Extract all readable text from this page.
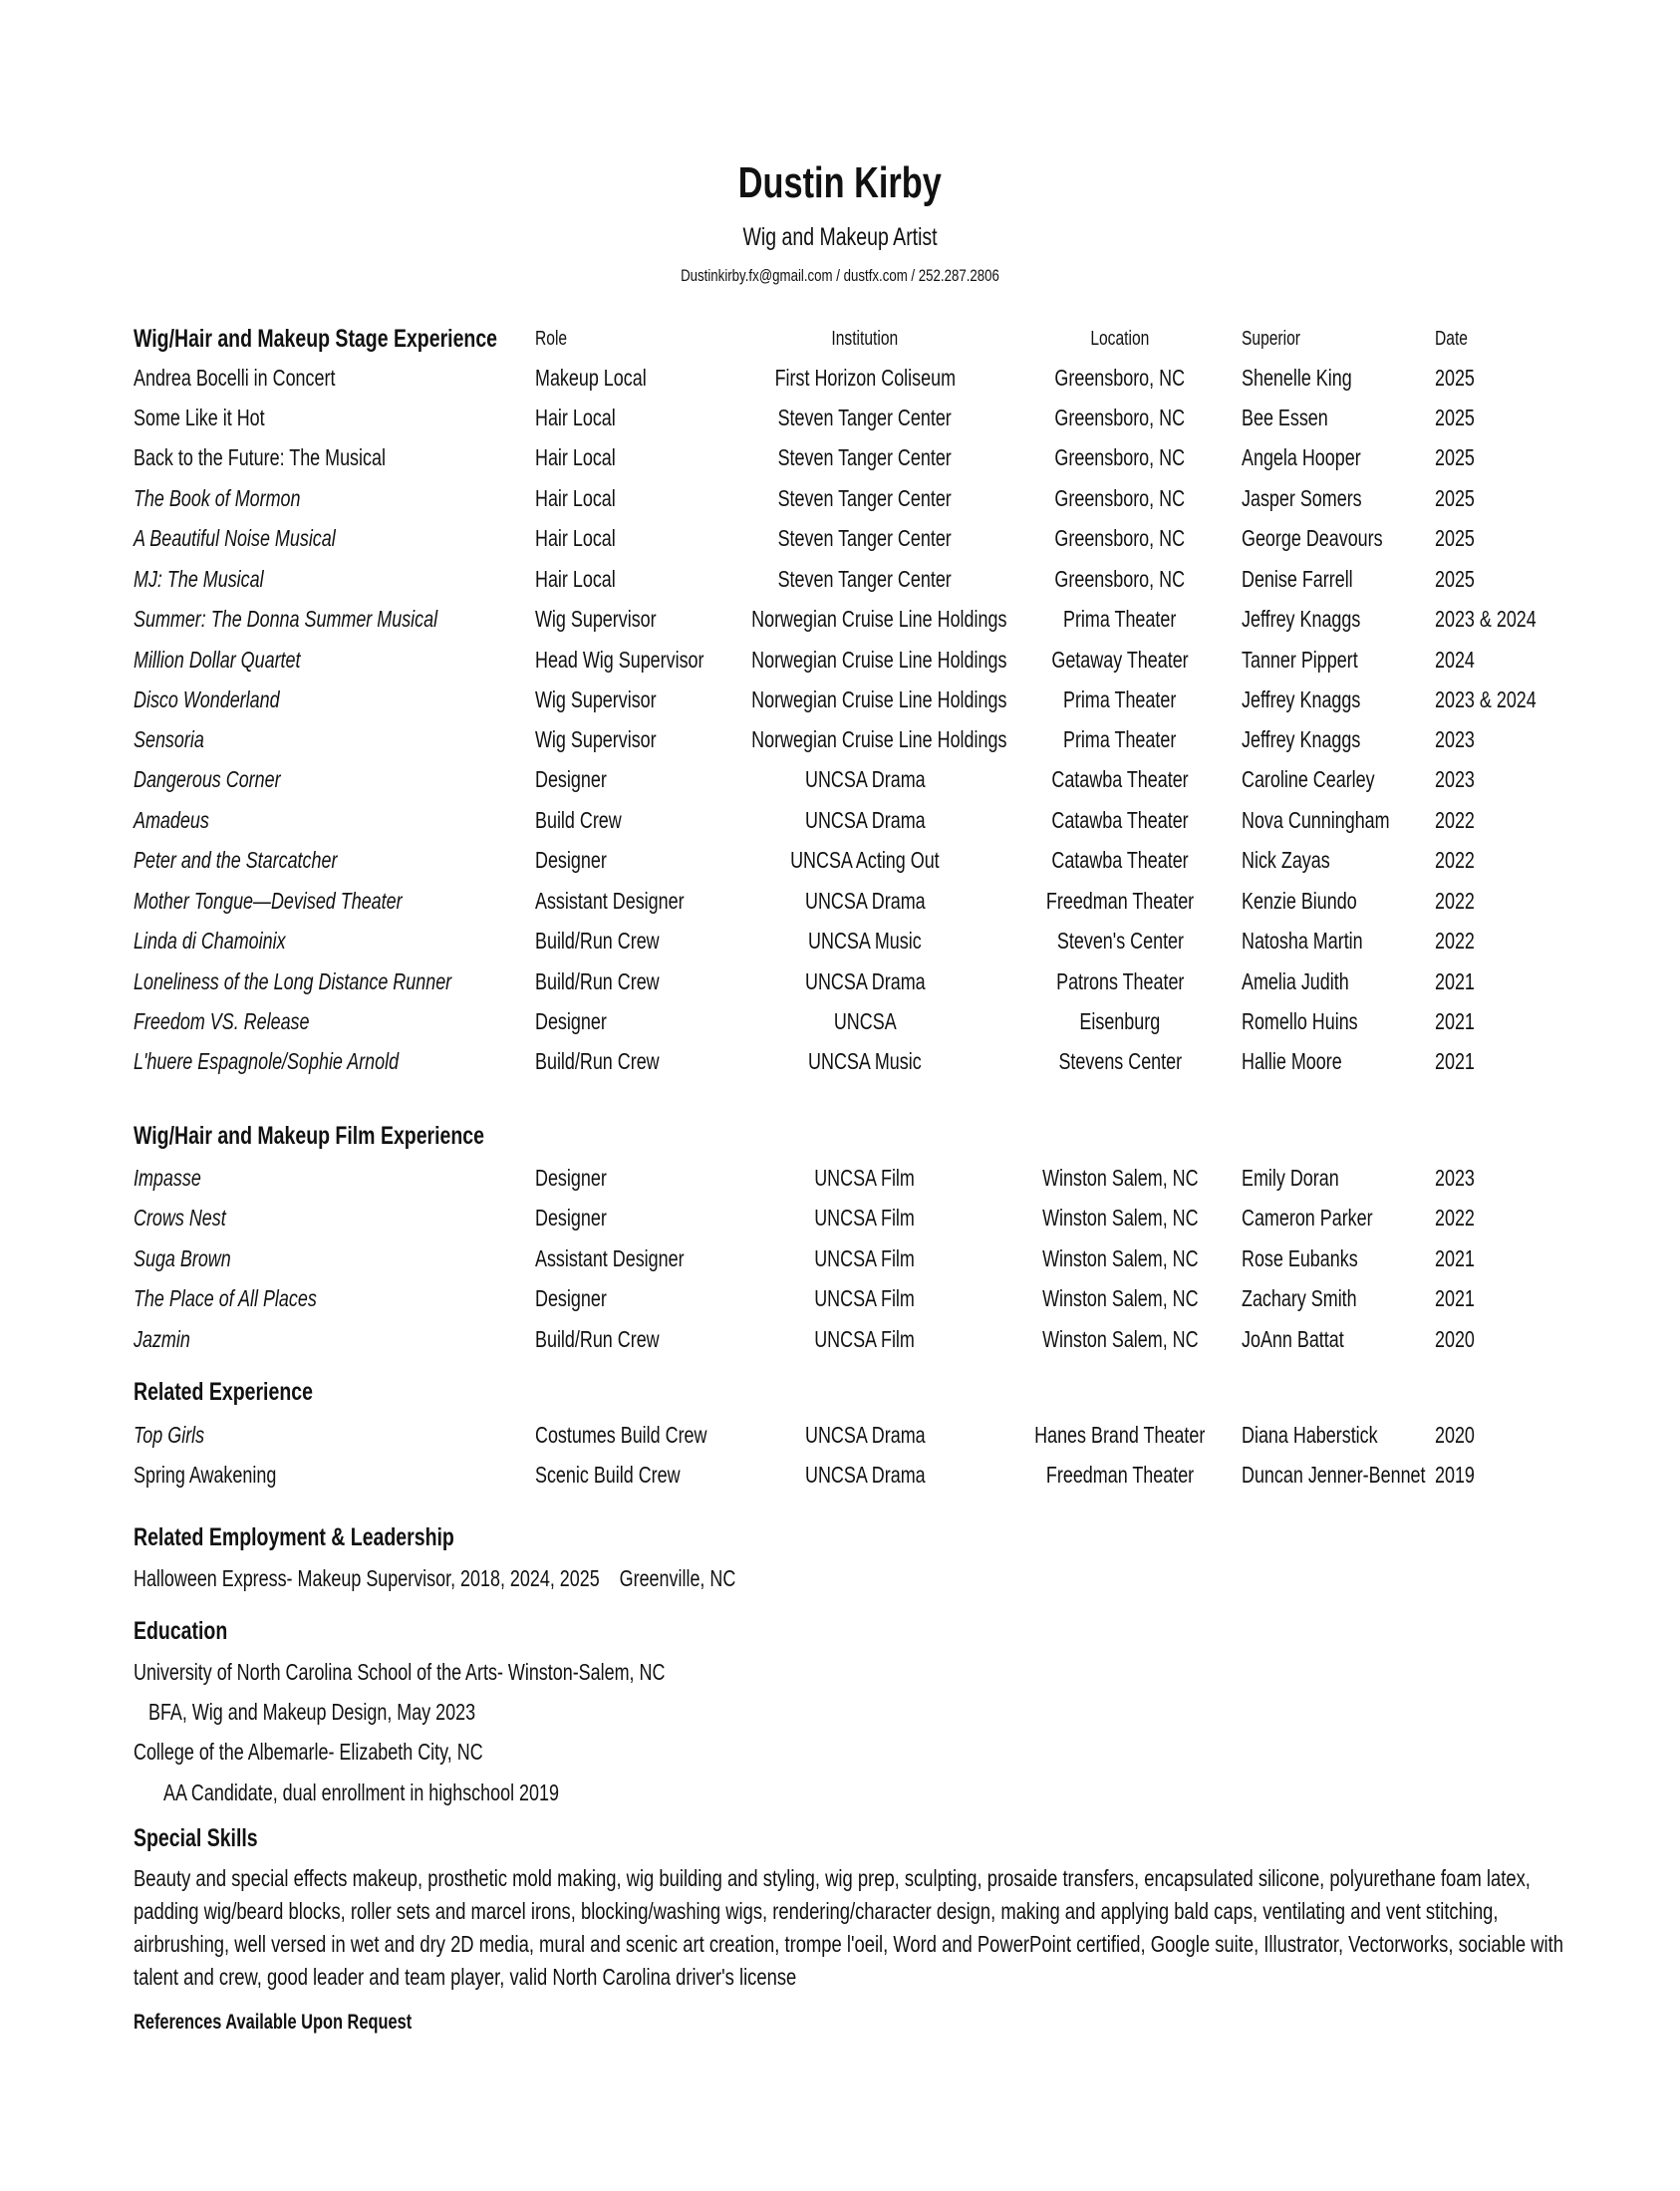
Dustin Kirby
Wig and Makeup Artist
Dustinkirby.fx@gmail.com / dustfx.com / 252.287.2806
Wig/Hair and Makeup Stage Experience	Role	Institution	Location	Superior	Date
Andrea Bocelli in Concert	Makeup Local	First Horizon Coliseum	Greensboro, NC	Shenelle King	2025
Some Like it Hot	Hair Local	Steven Tanger Center	Greensboro, NC	Bee Essen	2025
Back to the Future: The Musical	Hair Local	Steven Tanger Center	Greensboro, NC	Angela Hooper	2025
The Book of Mormon	Hair Local	Steven Tanger Center	Greensboro, NC	Jasper Somers	2025
A Beautiful Noise Musical	Hair Local	Steven Tanger Center	Greensboro, NC	George Deavours	2025
MJ: The Musical	Hair Local	Steven Tanger Center	Greensboro, NC	Denise Farrell	2025
Summer: The Donna Summer Musical	Wig Supervisor	Norwegian Cruise Line Holdings	Prima Theater	Jeffrey Knaggs	2023 & 2024
Million Dollar Quartet	Head Wig Supervisor	Norwegian Cruise Line Holdings	Getaway Theater	Tanner Pippert	2024
Disco Wonderland	Wig Supervisor	Norwegian Cruise Line Holdings	Prima Theater	Jeffrey Knaggs	2023 & 2024
Sensoria	Wig Supervisor	Norwegian Cruise Line Holdings	Prima Theater	Jeffrey Knaggs	2023
Dangerous Corner	Designer	UNCSA Drama	Catawba Theater	Caroline Cearley	2023
Amadeus	Build Crew	UNCSA Drama	Catawba Theater	Nova Cunningham	2022
Peter and the Starcatcher	Designer	UNCSA Acting Out	Catawba Theater	Nick Zayas	2022
Mother Tongue—Devised Theater	Assistant Designer	UNCSA Drama	Freedman Theater	Kenzie Biundo	2022
Linda di Chamoinix	Build/Run Crew	UNCSA Music	Steven's Center	Natosha Martin	2022
Loneliness of the Long Distance Runner	Build/Run Crew	UNCSA Drama	Patrons Theater	Amelia Judith	2021
Freedom VS. Release	Designer	UNCSA	Eisenburg	Romello Huins	2021
L'huere Espagnole/Sophie Arnold	Build/Run Crew	UNCSA Music	Stevens Center	Hallie Moore	2021
Wig/Hair and Makeup Film Experience
Impasse	Designer	UNCSA Film	Winston Salem, NC	Emily Doran	2023
Crows Nest	Designer	UNCSA Film	Winston Salem, NC	Cameron Parker	2022
Suga Brown	Assistant Designer	UNCSA Film	Winston Salem, NC	Rose Eubanks	2021
The Place of All Places	Designer	UNCSA Film	Winston Salem, NC	Zachary Smith	2021
Jazmin	Build/Run Crew	UNCSA Film	Winston Salem, NC	JoAnn Battat	2020
Related Experience
Top Girls	Costumes Build Crew	UNCSA Drama	Hanes Brand Theater	Diana Haberstick	2020
Spring Awakening	Scenic Build Crew	UNCSA Drama	Freedman Theater	Duncan Jenner-Bennet 2019
Related Employment & Leadership
Halloween Express- Makeup Supervisor, 2018, 2024, 2025    Greenville, NC
Education
University of North Carolina School of the Arts- Winston-Salem, NC
BFA, Wig and Makeup Design, May 2023
College of the Albemarle- Elizabeth City, NC
AA Candidate, dual enrollment in highschool 2019
Special Skills
Beauty and special effects makeup, prosthetic mold making, wig building and styling, wig prep, sculpting, prosaide transfers, encapsulated silicone, polyurethane foam latex, padding wig/beard blocks, roller sets and marcel irons, blocking/washing wigs, rendering/character design, making and applying bald caps, ventilating and vent stitching, airbrushing, well versed in wet and dry 2D media, mural and scenic art creation, trompe l'oeil, Word and PowerPoint certified, Google suite, Illustrator, Vectorworks, sociable with talent and crew, good leader and team player, valid North Carolina driver's license
References Available Upon Request
